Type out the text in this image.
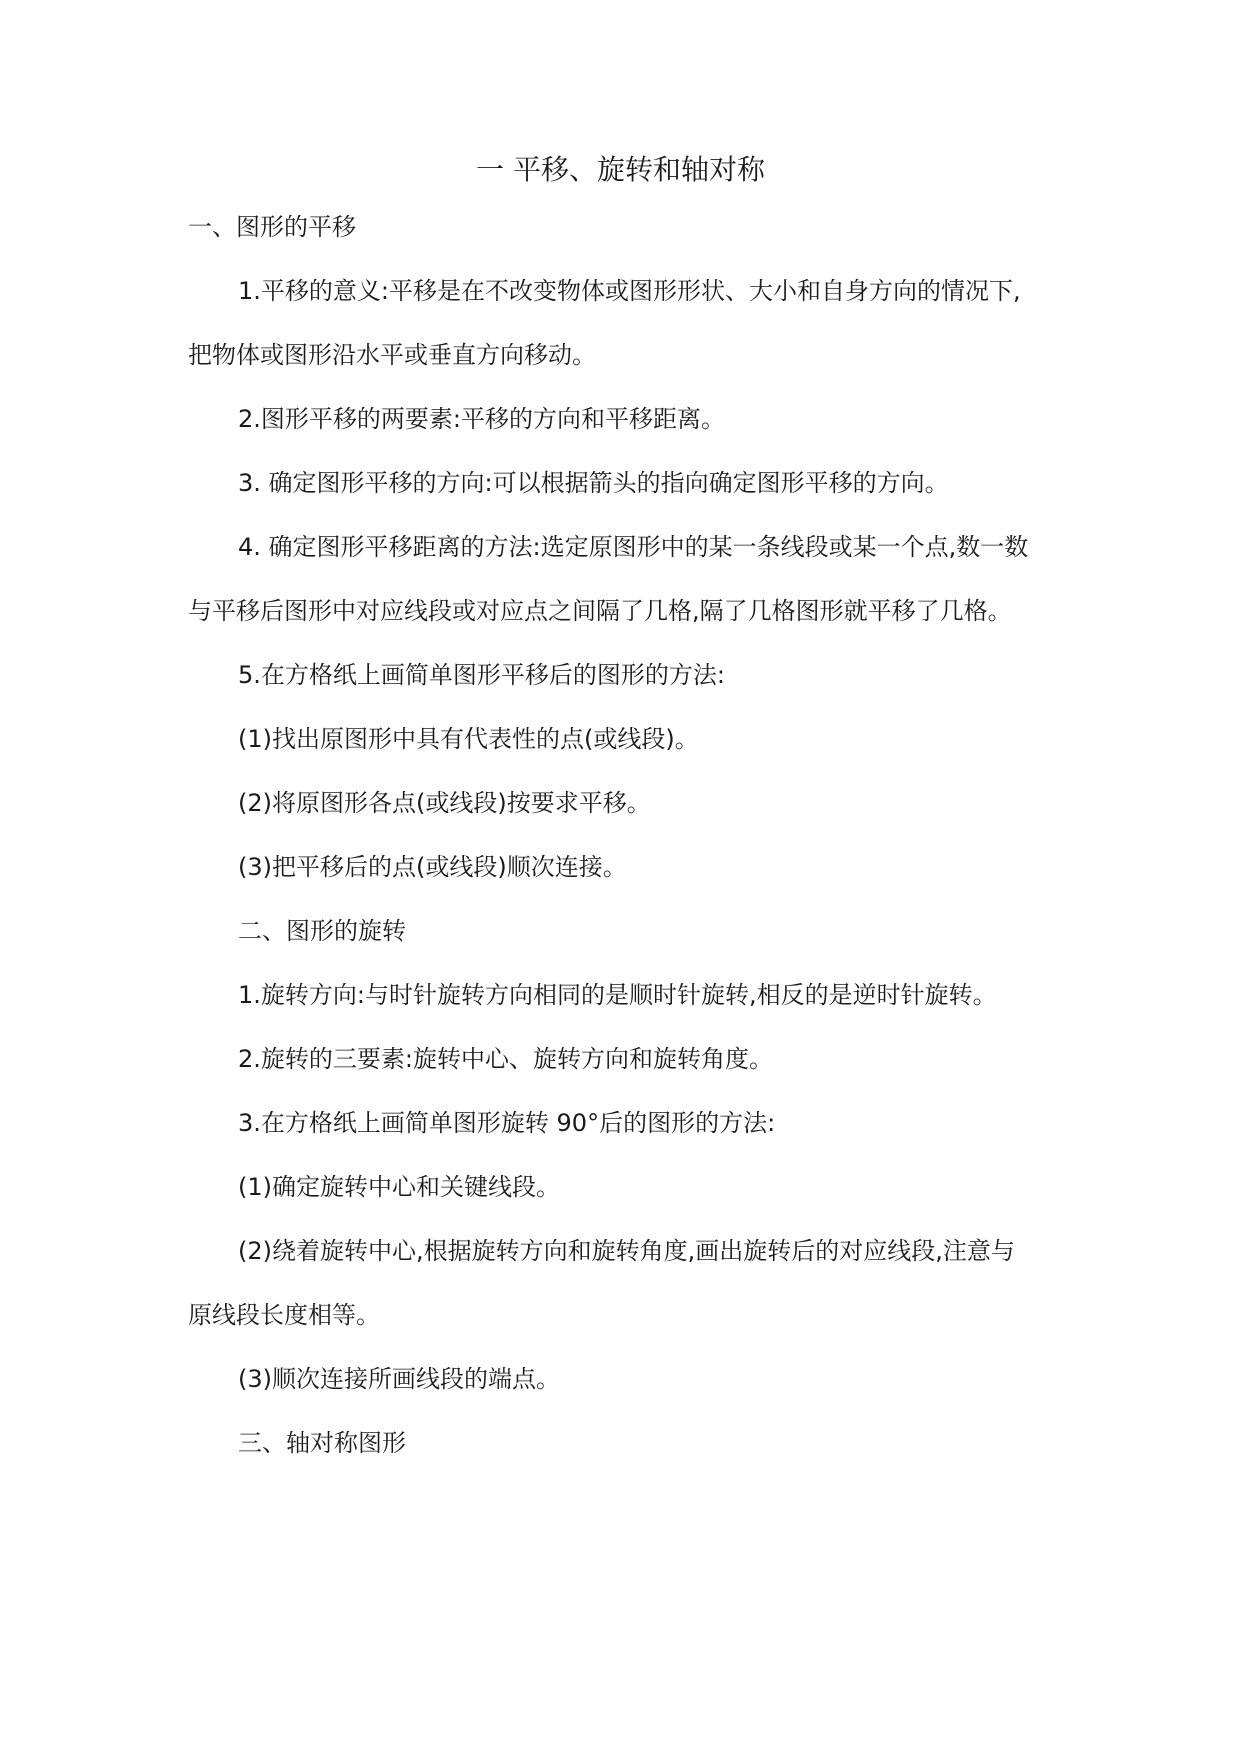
一 平移、旋转和轴对称

一、图形的平移

1.平移的意义:平移是在不改变物体或图形形状、大小和自身方向的情况下,

把物体或图形沿水平或垂直方向移动。

2.图形平移的两要素:平移的方向和平移距离。

3. 确定图形平移的方向:可以根据箭头的指向确定图形平移的方向。

4. 确定图形平移距离的方法:选定原图形中的某一条线段或某一个点,数一数

与平移后图形中对应线段或对应点之间隔了几格,隔了几格图形就平移了几格。

5.在方格纸上画简单图形平移后的图形的方法:

(1)找出原图形中具有代表性的点(或线段)。

(2)将原图形各点(或线段)按要求平移。

(3)把平移后的点(或线段)顺次连接。

二、图形的旋转

1.旋转方向:与时针旋转方向相同的是顺时针旋转,相反的是逆时针旋转。

2.旋转的三要素:旋转中心、旋转方向和旋转角度。

3.在方格纸上画简单图形旋转 90°后的图形的方法:

(1)确定旋转中心和关键线段。

(2)绕着旋转中心,根据旋转方向和旋转角度,画出旋转后的对应线段,注意与

原线段长度相等。

(3)顺次连接所画线段的端点。

三、轴对称图形
